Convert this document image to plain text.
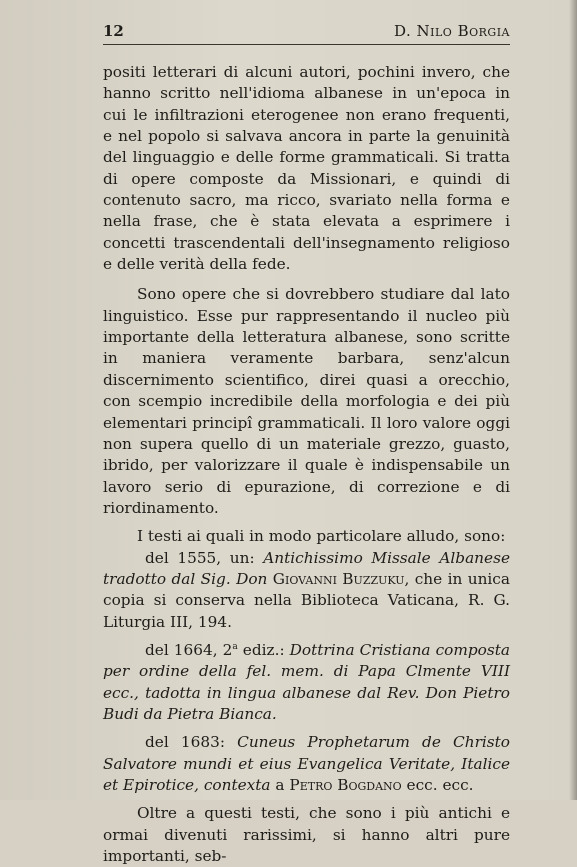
12	D. Nilo Borgia

positi letterari di alcuni autori, pochini invero, che hanno scritto nell'idioma albanese in un'epoca in cui le infiltrazioni eterogenee non erano frequenti, e nel popolo si salvava ancora in parte la genuinità del linguaggio e delle forme grammaticali. Si tratta di opere composte da Missionari, e quindi di contenuto sacro, ma ricco, svariato nella forma e nella frase, che è stata elevata a esprimere i concetti trascendentali dell'insegnamento religioso e delle verità della fede.

Sono opere che si dovrebbero studiare dal lato linguistico. Esse pur rappresentando il nucleo più importante della letteratura albanese, sono scritte in maniera veramente barbara, senz'alcun discernimento scientifico, direi quasi a orecchio, con scempio incredibile della morfologia e dei più elementari principî grammaticali. Il loro valore oggi non supera quello di un materiale grezzo, guasto, ibrido, per valorizzare il quale è indispensabile un lavoro serio di epurazione, di correzione e di riordinamento.

I testi ai quali in modo particolare alludo, sono:

del 1555, un: Antichissimo Missale Albanese tradotto dal Sig. Don Giovanni Buzzuku, che in unica copia si conserva nella Biblioteca Vaticana, R. G. Liturgia III, 194.

del 1664, 2$^a$ ediz.: Dottrina Cristiana composta per ordine della fel. mem. di Papa Clmente VIII ecc., tadotta in lingua albanese dal Rev. Don Pietro Budi da Pietra Bianca.

del 1683: Cuneus Prophetarum de Christo Salvatore mundi et eius Evangelica Veritate, Italice et Epirotice, contexta a Petro Bogdano ecc. ecc.

Oltre a questi testi, che sono i più antichi e ormai divenuti rarissimi, si hanno altri pure importanti, seb-
